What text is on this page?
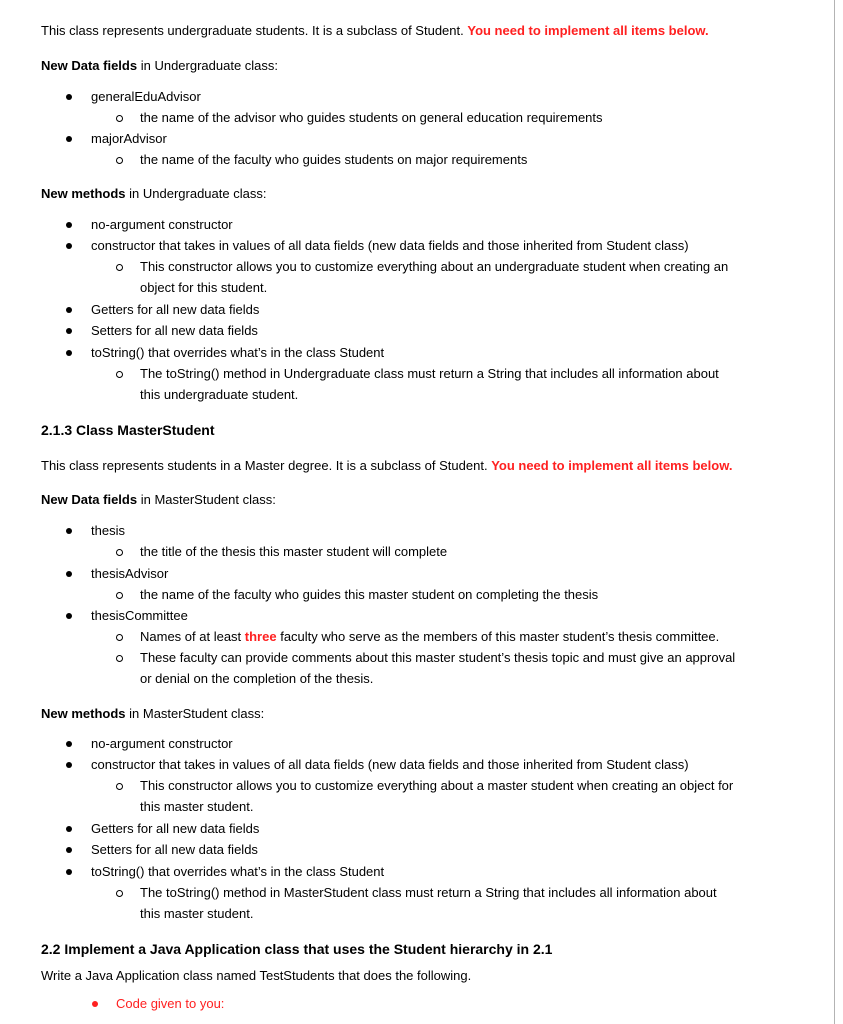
This class represents undergraduate students. It is a subclass of Student. You need to implement all items below.
New Data fields in Undergraduate class:
generalEduAdvisor
the name of the advisor who guides students on general education requirements
majorAdvisor
the name of the faculty who guides students on major requirements
New methods in Undergraduate class:
no-argument constructor
constructor that takes in values of all data fields (new data fields and those inherited from Student class)
This constructor allows you to customize everything about an undergraduate student when creating an
object for this student.
Getters for all new data fields
Setters for all new data fields
toString() that overrides what’s in the class Student
The toString() method in Undergraduate class must return a String that includes all information about
this undergraduate student.
2.1.3 Class MasterStudent
This class represents students in a Master degree. It is a subclass of Student. You need to implement all items below.
New Data fields in MasterStudent class:
thesis
the title of the thesis this master student will complete
thesisAdvisor
the name of the faculty who guides this master student on completing the thesis
thesisCommittee
Names of at least three faculty who serve as the members of this master student’s thesis committee.
These faculty can provide comments about this master student’s thesis topic and must give an approval
or denial on the completion of the thesis.
New methods in MasterStudent class:
no-argument constructor
constructor that takes in values of all data fields (new data fields and those inherited from Student class)
This constructor allows you to customize everything about a master student when creating an object for
this master student.
Getters for all new data fields
Setters for all new data fields
toString() that overrides what’s in the class Student
The toString() method in MasterStudent class must return a String that includes all information about
this master student.
2.2 Implement a Java Application class that uses the Student hierarchy in 2.1
Write a Java Application class named TestStudents that does the following.
Code given to you:
